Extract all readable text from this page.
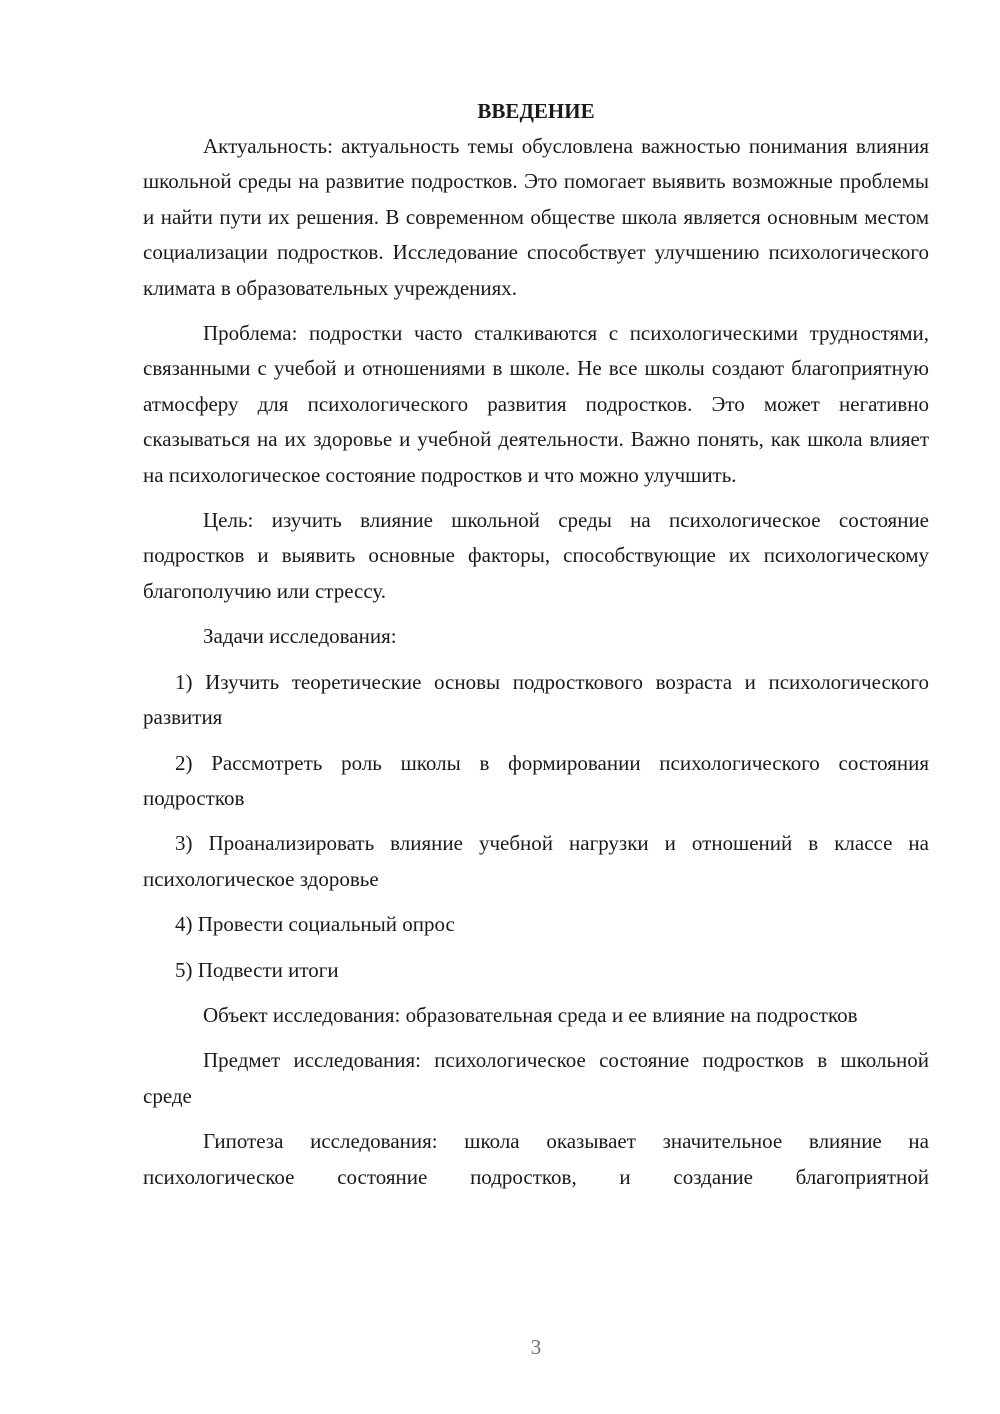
ВВЕДЕНИЕ

Актуальность: актуальность темы обусловлена важностью понимания влияния школьной среды на развитие подростков. Это помогает выявить возможные проблемы и найти пути их решения. В современном обществе школа является основным местом социализации подростков. Исследование способствует улучшению психологического климата в образовательных учреждениях.

Проблема: подростки часто сталкиваются с психологическими трудностями, связанными с учебой и отношениями в школе. Не все школы создают благоприятную атмосферу для психологического развития подростков. Это может негативно сказываться на их здоровье и учебной деятельности. Важно понять, как школа влияет на психологическое состояние подростков и что можно улучшить.

Цель: изучить влияние школьной среды на психологическое состояние подростков и выявить основные факторы, способствующие их психологическому благополучию или стрессу.

Задачи исследования:

1) Изучить теоретические основы подросткового возраста и психологического развития

2) Рассмотреть роль школы в формировании психологического состояния подростков

3) Проанализировать влияние учебной нагрузки и отношений в классе на психологическое здоровье

4) Провести социальный опрос

5) Подвести итоги

Объект исследования: образовательная среда и ее влияние на подростков

Предмет исследования: психологическое состояние подростков в школьной среде

Гипотеза исследования: школа оказывает значительное влияние на психологическое состояние подростков, и создание благоприятной

3
